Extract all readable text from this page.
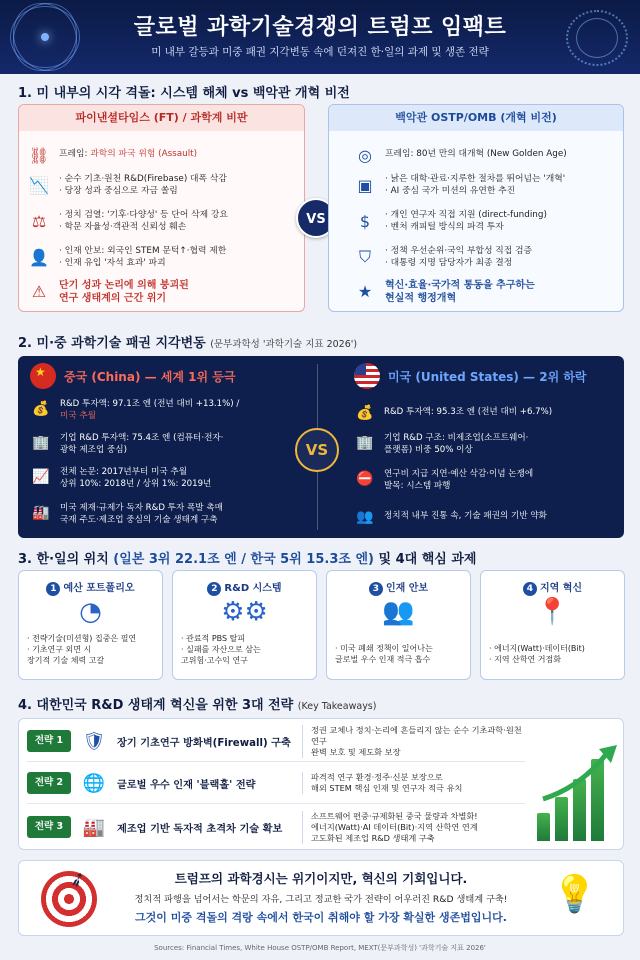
글로벌 과학기술경쟁의 트럼프 임팩트
미 내부 갈등과 미중 패권 지각변동 속에 던져진 한·일의 과제 및 생존 전략
1. 미 내부의 시각 격돌: 시스템 해체 vs 백악관 개혁 비전
파이낸셜타임스 (FT) / 과학계 비판
⛓ 프레임: 과학의 파국 위험 (Assault)
📉 · 순수 기초·원천 R&D(Firebase) 대폭 삭감
· 당장 성과 중심으로 자금 쏠림
⚖	· 정치 검열: '기후·다양성' 등 단어 삭제 강요
· 학문 자율성·객관적 신뢰성 훼손
👤 · 인재 안보: 외국인 STEM 문턱↑·협력 제한
· 인재 유입 '자석 효과' 파괴
⚠	단기 성과 논리에 의해 붕괴된
연구 생태계의 근간 위기
VS
백악관 OSTP/OMB (개혁 비전)
◎	프레임: 80년 만의 대개혁 (New Golden Age)
▣	· 낡은 대학·관료·지루한 절차를 뛰어넘는 '개혁'
· AI 중심 국가 미션의 유연한 추진
$	· 개인 연구자 직접 지원 (direct-funding)
· 벤처 캐피털 방식의 파격 투자
⛉	· 정책 우선순위·국익 부합성 직접 검증
· 대통령 지명 담당자가 최종 결정
★	혁신·효율·국가적 통동을 추구하는
현실적 행정개혁
2. 미·중 과학기술 패권 지각변동 (문부과학성 '과학기술 지표 2026')
★
중국 (China) — 세계 1위 등극
💰 R&D 투자액: 97.1조 엔 (전년 대비 +13.1%) /
미국 추월
🏢 기업 R&D 투자액: 75.4조 엔 (컴퓨터·전자·
광학 제조업 중심)
📈 전체 논문: 2017년부터 미국 추월
상위 10%: 2018년 / 상위 1%: 2019년
🏭 미국 제재·규제가 독자 R&D 투자 폭발 촉매
국재 주도·제조업 중심의 기술 생태계 구축
VS
미국 (United States) — 2위 하락
💰 R&D 투자액: 95.3조 엔 (전년 대비 +6.7%)
🏢 기업 R&D 구조: 비제조업(소프트웨어·
플랫폼) 비중 50% 이상
⛔ 연구비 지급 지연·예산 삭감·이념 논쟁에
발목: 시스템 파행
👥 정치적 내부 진통 속, 기술 패권의 기반 약화
3. 한·일의 위치 (일본 3위 22.1조 엔 / 한국 5위 15.3조 엔) 및 4대 핵심 과제
1 예산 포트폴리오
◔
· 전략기술(미션형) 집중은 필연
· 기초연구 외면 시
장기적 기술 체력 고갈
2 R&D 시스템
⚙⚙
· 관료적 PBS 탈피
· 실패를 자산으로 삼는
고위험·고수익 연구
3 인재 안보
👥
· 미국 폐쇄 정책이 일어나는
글로벌 우수 인재 적극 흡수
4 지역 혁신
📍
· 에너지(Watt)·데이터(Bit)
· 지역 산학연 거점화
4. 대한민국 R&D 생태계 혁신을 위한 3대 전략 (Key Takeaways)
전략 1	🛡	장기 기초연구 방화벽(Firewall) 구축
정권 교체나 정치·논리에 흔들리지 않는 순수 기초과학·원천 연구
완벽 보호 및 제도화 보장
전략 2	🌐	글로벌 우수 인재 '블랙홀' 전략
파격적 연구 환경·정주·신분 보장으로
해외 STEM 핵심 인재 및 연구자 적극 유치
전략 3	🏭	제조업 기반 독자적 초격차 기술 확보
소프트웨어 편중·규제화된 중국 물량과 차별화!
에너지(Watt)·AI 데이터(Bit)·지역 산학연 연계
고도화된 제조업 R&D 생태계 구축
➶	💡
트럼프의 과학경시는 위기이지만, 혁신의 기회입니다.
정치적 파행을 넘어서는 학문의 자유, 그리고 정교한 국가 전략이 어우러진 R&D 생태계 구축!
그것이 미중 격돌의 격랑 속에서 한국이 취해야 할 가장 확실한 생존법입니다.
Sources: Financial Times, White House OSTP/OMB Report, MEXT(문부과학성) '과학기술 지표 2026'
